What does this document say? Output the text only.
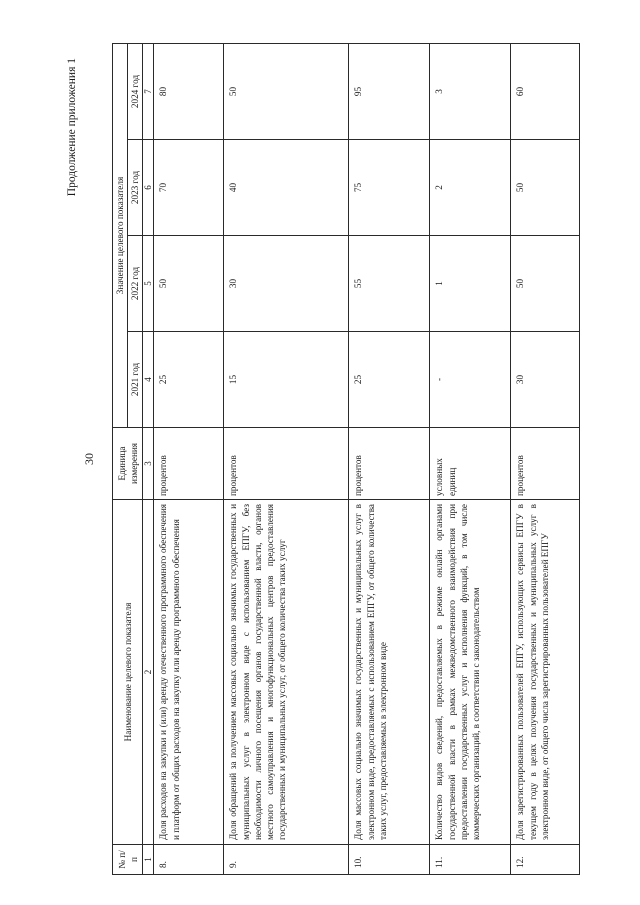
30
Продолжение приложения 1
№ п/п	Наименование целевого показателя	Единица измерения	Значение целевого показателя			
			2021 год	2022 год	2023 год	2024 год
1	2	3	4	5	6	7
8.	Доля расходов на закупки и (или) аренду отечественного программного обеспечения и платформ от общих расходов на закупку или аренду программного обеспечения	процентов	25	50	70	80
9.	Доля обращений за получением массовых социально значимых государственных и муниципальных услуг в электронном виде с использованием ЕПГУ, без необходимости личного посещения органов государственной власти, органов местного самоуправления и многофункциональных центров предоставления государственных и муниципальных услуг, от общего количества таких услуг	процентов	15	30	40	50
10.	Доля массовых социально значимых государственных и муниципальных услуг в электронном виде, предоставляемых с использованием ЕПГУ, от общего количества таких услуг, предоставляемых в электронном виде	процентов	25	55	75	95
11.	Количество видов сведений, предоставляемых в режиме онлайн органами государственной власти в рамках межведомственного взаимодействия при предоставлении государственных услуг и исполнения функций, в том числе коммерческих организаций, в соответствии с законодательством	условных единиц	-	1	2	3
12.	Доля зарегистрированных пользователей ЕПГУ, использующих сервисы ЕПГУ в текущем году в целях получения государственных и муниципальных услуг в электронном виде, от общего числа зарегистрированных пользователей ЕПГУ	процентов	30	50	50	60
